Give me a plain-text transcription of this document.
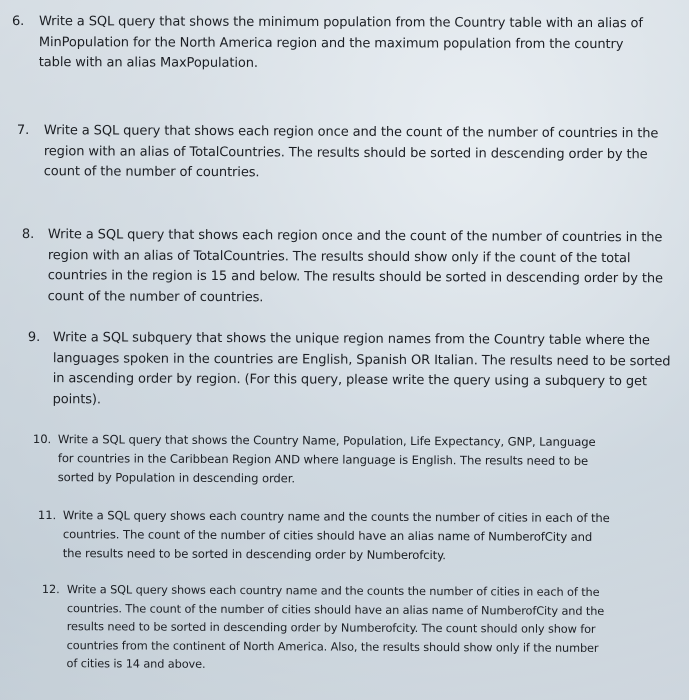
6. Write a SQL query that shows the minimum population from the Country table with an alias of
MinPopulation for the North America region and the maximum population from the country
table with an alias MaxPopulation.
7. Write a SQL query that shows each region once and the count of the number of countries in the
region with an alias of TotalCountries. The results should be sorted in descending order by the
count of the number of countries.
8. Write a SQL query that shows each region once and the count of the number of countries in the
region with an alias of TotalCountries. The results should show only if the count of the total
countries in the region is 15 and below. The results should be sorted in descending order by the
count of the number of countries.
9. Write a SQL subquery that shows the unique region names from the Country table where the
languages spoken in the countries are English, Spanish OR Italian. The results need to be sorted
in ascending order by region. (For this query, please write the query using a subquery to get
points).
10. Write a SQL query that shows the Country Name, Population, Life Expectancy, GNP, Language
for countries in the Caribbean Region AND where language is English. The results need to be
sorted by Population in descending order.
11. Write a SQL query shows each country name and the counts the number of cities in each of the
countries. The count of the number of cities should have an alias name of NumberofCity and
the results need to be sorted in descending order by Numberofcity.
12. Write a SQL query shows each country name and the counts the number of cities in each of the
countries. The count of the number of cities should have an alias name of NumberofCity and the
results need to be sorted in descending order by Numberofcity. The count should only show for
countries from the continent of North America. Also, the results should show only if the number
of cities is 14 and above.
